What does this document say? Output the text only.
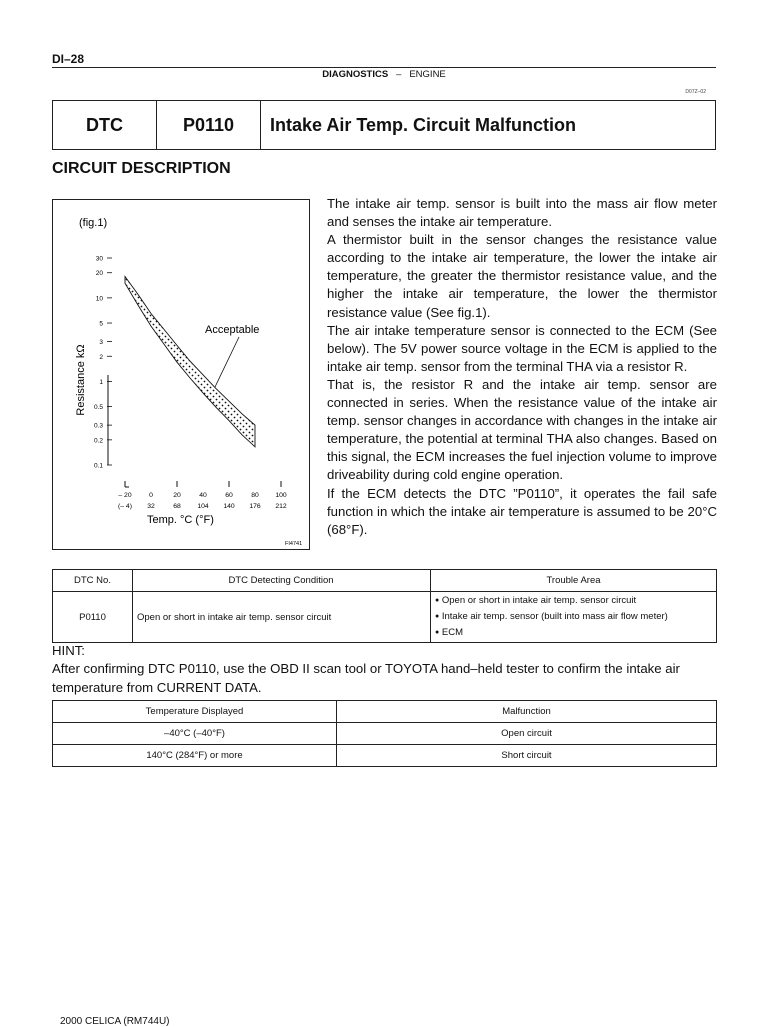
DI–28
DIAGNOSTICS – ENGINE
D07Z–02
DTC	P0110	Intake Air Temp. Circuit Malfunction
CIRCUIT DESCRIPTION
(fig.1)
Resistance kΩ
30
20
10
5
3
2
1
0.5
0.3
0.2
0.1
– 20
(– 4)
0
32
20
68
40
104
60
140
80
176
100
212
Acceptable
Temp. °C (°F)
FI4741

The intake air temp. sensor is built into the mass air flow meter and senses the intake air temperature.

A thermistor built in the sensor changes the resistance value according to the intake air temperature, the lower the intake air temperature, the greater the thermistor resistance value, and the higher the intake air temperature, the lower the thermistor resistance value (See fig.1).

The air intake temperature sensor is connected to the ECM (See below). The 5V power source voltage in the ECM is applied to the intake air temp. sensor from the terminal THA via a resistor R.

That is, the resistor R and the intake air temp. sensor are connected in series. When the resistance value of the intake air temp. sensor changes in accordance with changes in the intake air temperature, the potential at terminal THA also changes. Based on this signal, the ECM increases the fuel injection volume to improve driveability during cold engine operation.

If the ECM detects the DTC ”P0110”, it operates the fail safe function in which the intake air temperature is assumed to be 20°C (68°F).

DTC No.	DTC Detecting Condition	Trouble Area
P0110	Open or short in intake air temp. sensor circuit	● Open or short in intake air temp. sensor circuit
● Intake air temp. sensor (built into mass air flow meter)
● ECM

HINT:

After confirming DTC P0110, use the OBD II scan tool or TOYOTA hand–held tester to confirm the intake air temperature from CURRENT DATA.

Temperature Displayed	Malfunction
–40°C (–40°F)	Open circuit
140°C (284°F) or more	Short circuit
2000 CELICA (RM744U)
